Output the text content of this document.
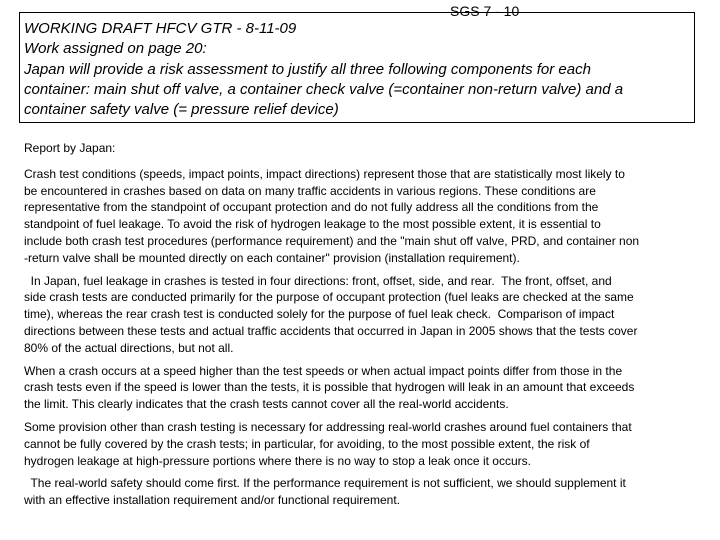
SGS 7 - 10
WORKING DRAFT HFCV GTR - 8-11-09
Work assigned on page 20:
Japan will provide a risk assessment to justify all three following components for each
container: main shut off valve, a container check valve (=container non-return valve) and a
container safety valve (= pressure relief device)

Report by Japan:

Crash test conditions (speeds, impact points, impact directions) represent those that are statistically most likely to

be encountered in crashes based on data on many traffic accidents in various regions. These conditions are

representative from the standpoint of occupant protection and do not fully address all the conditions from the

standpoint of fuel leakage. To avoid the risk of hydrogen leakage to the most possible extent, it is essential to

include both crash test procedures (performance requirement) and the "main shut off valve, PRD, and container non

-return valve shall be mounted directly on each container" provision (installation requirement).

In Japan, fuel leakage in crashes is tested in four directions: front, offset, side, and rear.  The front, offset, and

side crash tests are conducted primarily for the purpose of occupant protection (fuel leaks are checked at the same

time), whereas the rear crash test is conducted solely for the purpose of fuel leak check.  Comparison of impact

directions between these tests and actual traffic accidents that occurred in Japan in 2005 shows that the tests cover

80% of the actual directions, but not all.

When a crash occurs at a speed higher than the test speeds or when actual impact points differ from those in the

crash tests even if the speed is lower than the tests, it is possible that hydrogen will leak in an amount that exceeds

the limit. This clearly indicates that the crash tests cannot cover all the real-world accidents.

Some provision other than crash testing is necessary for addressing real-world crashes around fuel containers that

cannot be fully covered by the crash tests; in particular, for avoiding, to the most possible extent, the risk of

hydrogen leakage at high-pressure portions where there is no way to stop a leak once it occurs.

The real-world safety should come first. If the performance requirement is not sufficient, we should supplement it

with an effective installation requirement and/or functional requirement.
